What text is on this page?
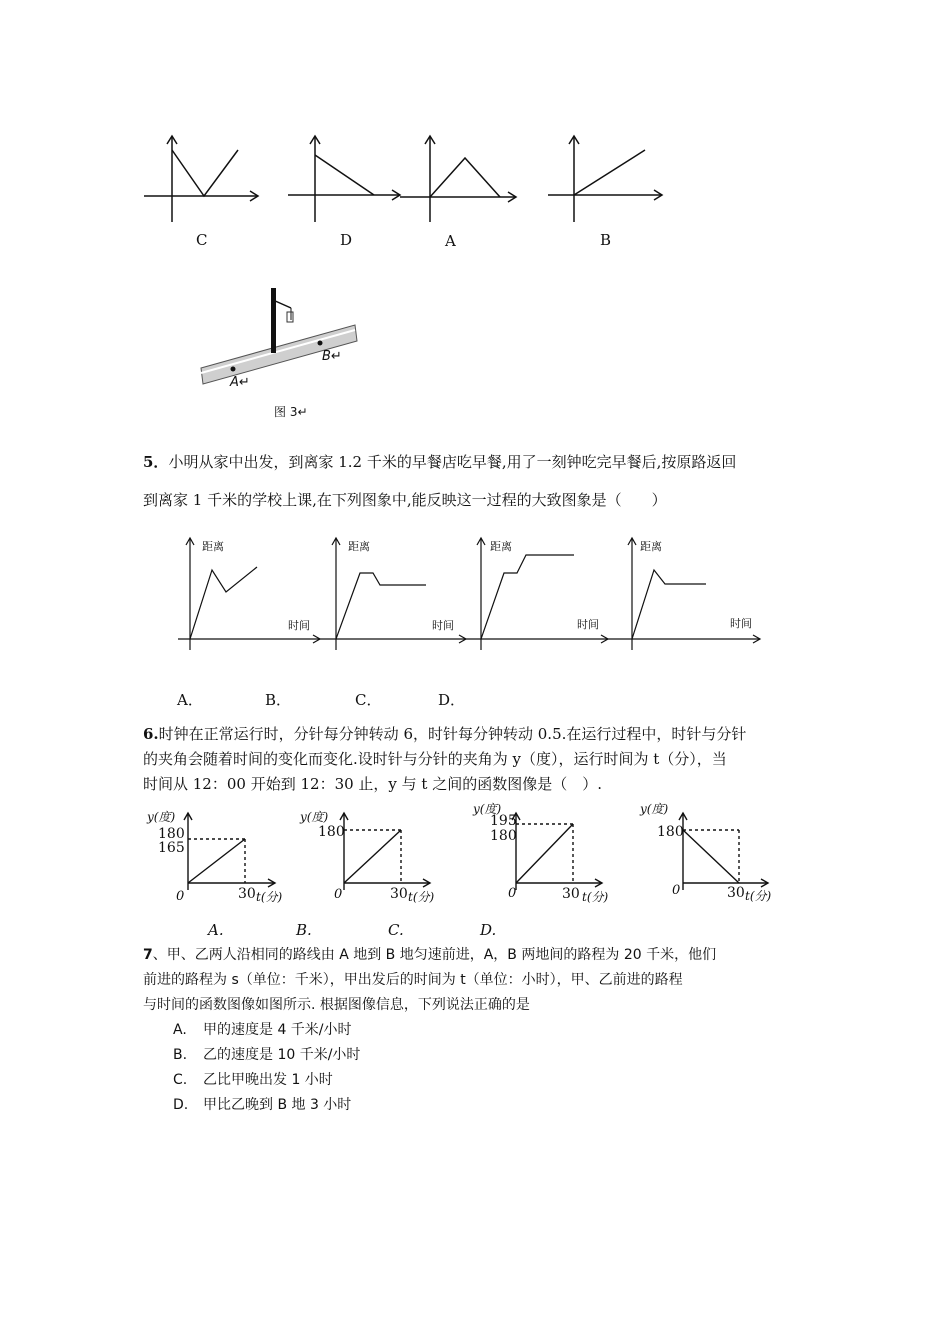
C	D	A	B
A↵
B↵
图 3↵
5．小明从家中出发，到离家 1.2 千米的早餐店吃早餐,用了一刻钟吃完早餐后,按原路返回
到离家 1 千米的学校上课,在下列图象中,能反映这一过程的大致图象是（　　）
距离
时间
距离
时间
距离
时间
距离
时间
A．	B．	C．	D．
6.时钟在正常运行时，分针每分钟转动 6，时针每分钟转动 0.5.在运行过程中，时针与分针
的夹角会随着时间的变化而变化.设时针与分针的夹角为 y（度），运行时间为 t（分），当
时间从 12：00 开始到 12：30 止，y 与 t 之间的函数图像是（　）.
y(度)
180
165
0	30 t(分)
y(度)
180
0	30 t(分)
y(度)
195
180
0	30 t(分)
y(度)
180
0	30 t(分)
A.	B.	C.	D.
7、甲、乙两人沿相同的路线由 A 地到 B 地匀速前进，A，B 两地间的路程为 20 千米，他们
前进的路程为 s（单位：千米），甲出发后的时间为 t（单位：小时），甲、乙前进的路程
与时间的函数图像如图所示. 根据图像信息，下列说法正确的是
A. 甲的速度是 4 千米/小时
B. 乙的速度是 10 千米/小时
C. 乙比甲晚出发 1 小时
D. 甲比乙晚到 B 地 3 小时
